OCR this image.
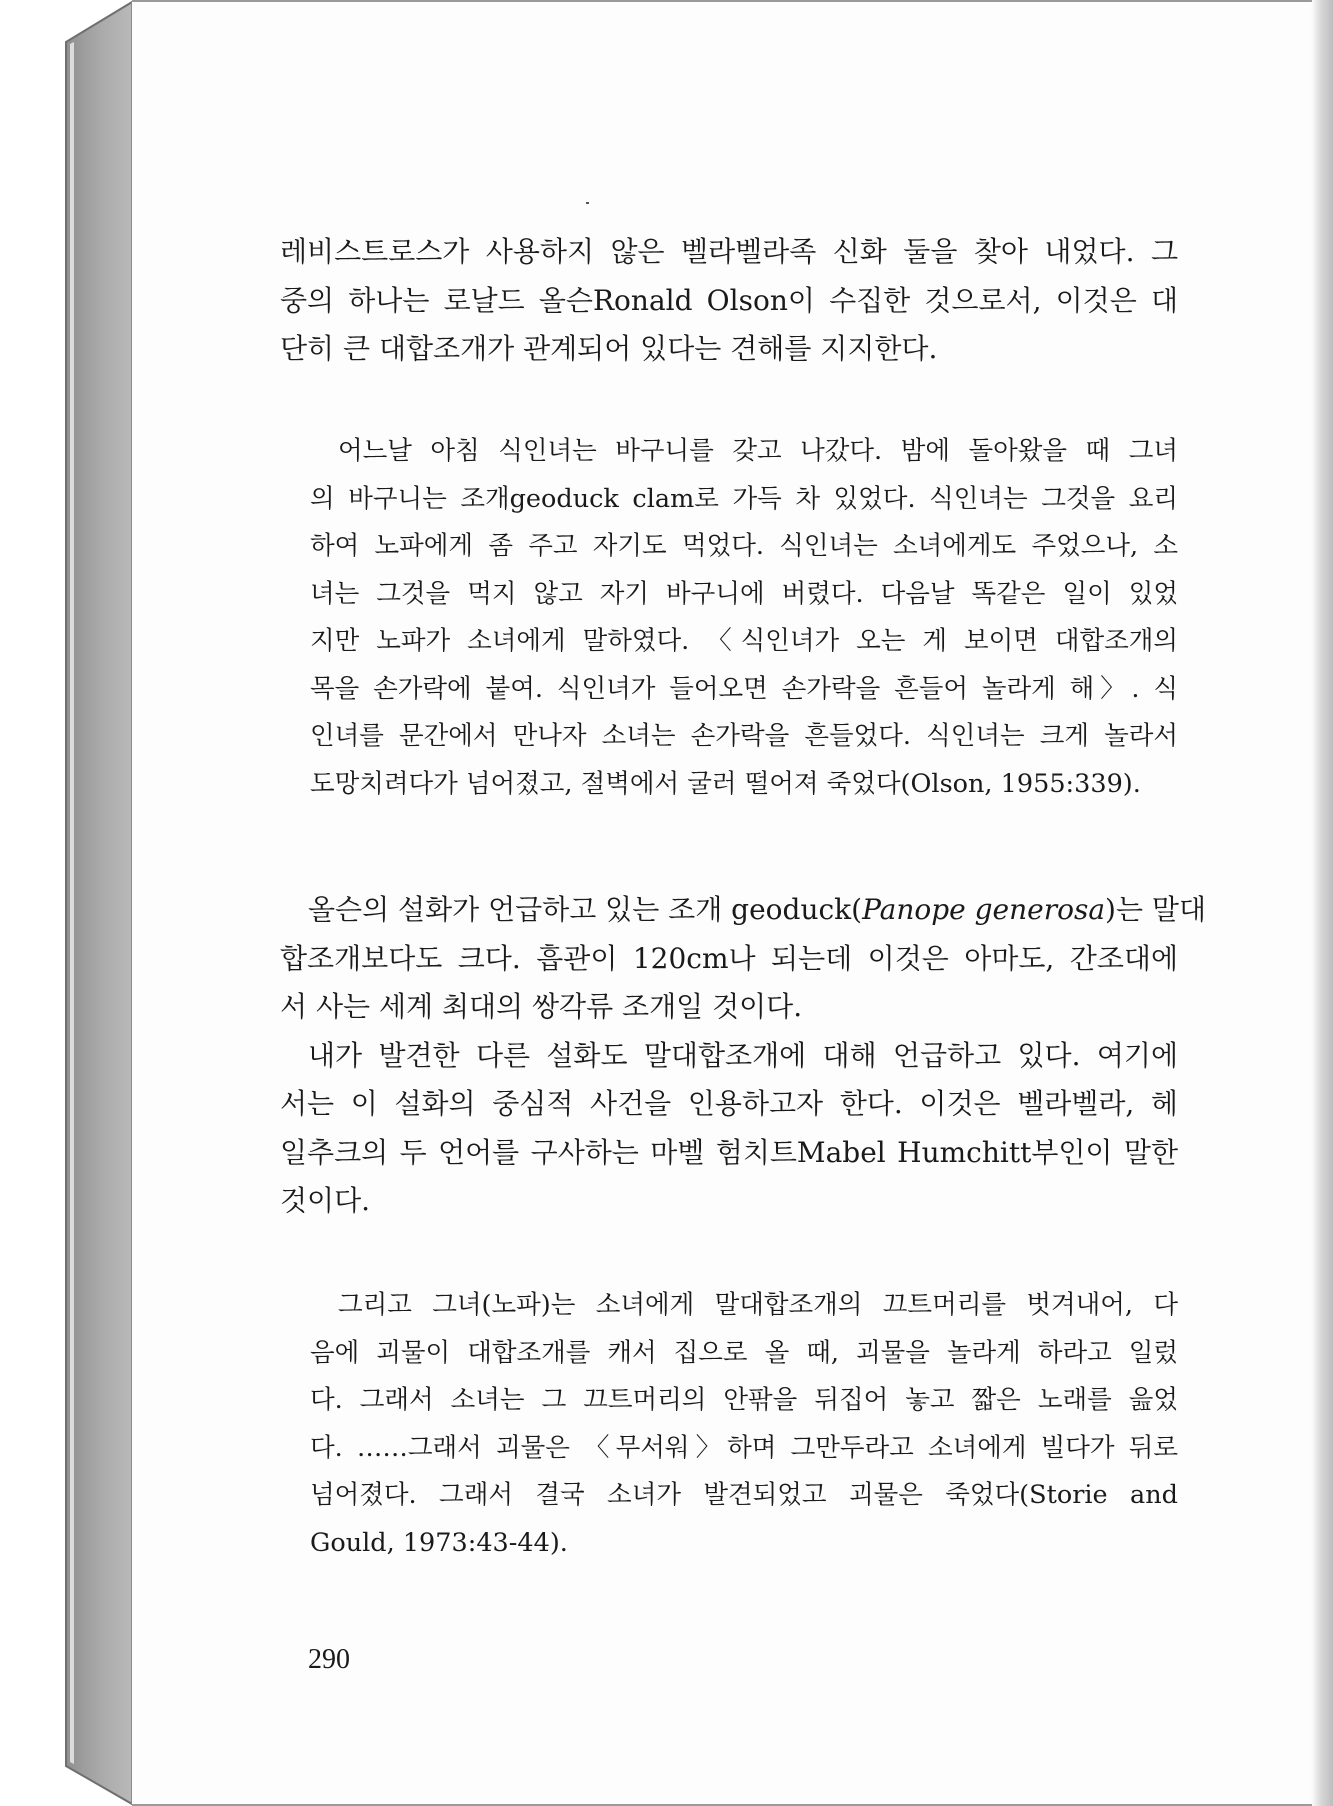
레비스트로스가 사용하지 않은 벨라벨라족 신화 둘을 찾아 내었다. 그
중의 하나는 로날드 올슨Ronald Olson이 수집한 것으로서, 이것은 대
단히 큰 대합조개가 관계되어 있다는 견해를 지지한다.
어느날 아침 식인녀는 바구니를 갖고 나갔다. 밤에 돌아왔을 때 그녀
의 바구니는 조개geoduck clam로 가득 차 있었다. 식인녀는 그것을 요리
하여 노파에게 좀 주고 자기도 먹었다. 식인녀는 소녀에게도 주었으나, 소
녀는 그것을 먹지 않고 자기 바구니에 버렸다. 다음날 똑같은 일이 있었
지만 노파가 소녀에게 말하였다. 〈식인녀가 오는 게 보이면 대합조개의
목을 손가락에 붙여. 식인녀가 들어오면 손가락을 흔들어 놀라게 해〉. 식
인녀를 문간에서 만나자 소녀는 손가락을 흔들었다. 식인녀는 크게 놀라서
도망치려다가 넘어졌고, 절벽에서 굴러 떨어져 죽었다(Olson, 1955:339).
올슨의 설화가 언급하고 있는 조개 geoduck(Panope generosa)는 말대
합조개보다도 크다. 흡관이 120cm나 되는데 이것은 아마도, 간조대에
서 사는 세계 최대의 쌍각류 조개일 것이다.
내가 발견한 다른 설화도 말대합조개에 대해 언급하고 있다. 여기에
서는 이 설화의 중심적 사건을 인용하고자 한다. 이것은 벨라벨라, 헤
일추크의 두 언어를 구사하는 마벨 험치트Mabel Humchitt부인이 말한
것이다.
그리고 그녀(노파)는 소녀에게 말대합조개의 끄트머리를 벗겨내어, 다
음에 괴물이 대합조개를 캐서 집으로 올 때, 괴물을 놀라게 하라고 일렀
다. 그래서 소녀는 그 끄트머리의 안팎을 뒤집어 놓고 짧은 노래를 읊었
다. ……그래서 괴물은 〈무서워〉하며 그만두라고 소녀에게 빌다가 뒤로
넘어졌다. 그래서 결국 소녀가 발견되었고 괴물은 죽었다(Storie and
Gould, 1973:43-44).
290
